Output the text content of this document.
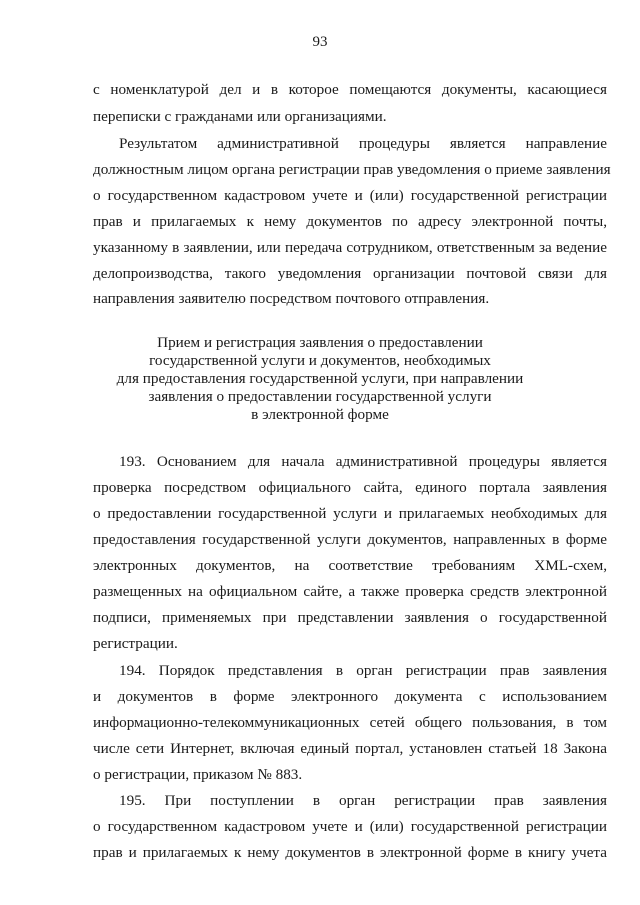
93
с номенклатурой дел и в которое помещаются документы, касающиеся
переписки с гражданами или организациями.
Результатом административной процедуры является направление
должностным лицом органа регистрации прав уведомления о приеме заявления
о государственном кадастровом учете и (или) государственной регистрации
прав и прилагаемых к нему документов по адресу электронной почты,
указанному в заявлении, или передача сотрудником, ответственным за ведение
делопроизводства, такого уведомления организации почтовой связи для
направления заявителю посредством почтового отправления.
Прием и регистрация заявления о предоставлении
государственной услуги и документов, необходимых
для предоставления государственной услуги, при направлении
заявления о предоставлении государственной услуги
в электронной форме
193. Основанием для начала административной процедуры является
проверка посредством официального сайта, единого портала заявления
о предоставлении государственной услуги и прилагаемых необходимых для
предоставления государственной услуги документов, направленных в форме
электронных документов, на соответствие требованиям XML-схем,
размещенных на официальном сайте, а также проверка средств электронной
подписи, применяемых при представлении заявления о государственной
регистрации.
194. Порядок представления в орган регистрации прав заявления
и документов в форме электронного документа с использованием
информационно-телекоммуникационных сетей общего пользования, в том
числе сети Интернет, включая единый портал, установлен статьей 18 Закона
о регистрации, приказом № 883.
195. При поступлении в орган регистрации прав заявления
о государственном кадастровом учете и (или) государственной регистрации
прав и прилагаемых к нему документов в электронной форме в книгу учета
